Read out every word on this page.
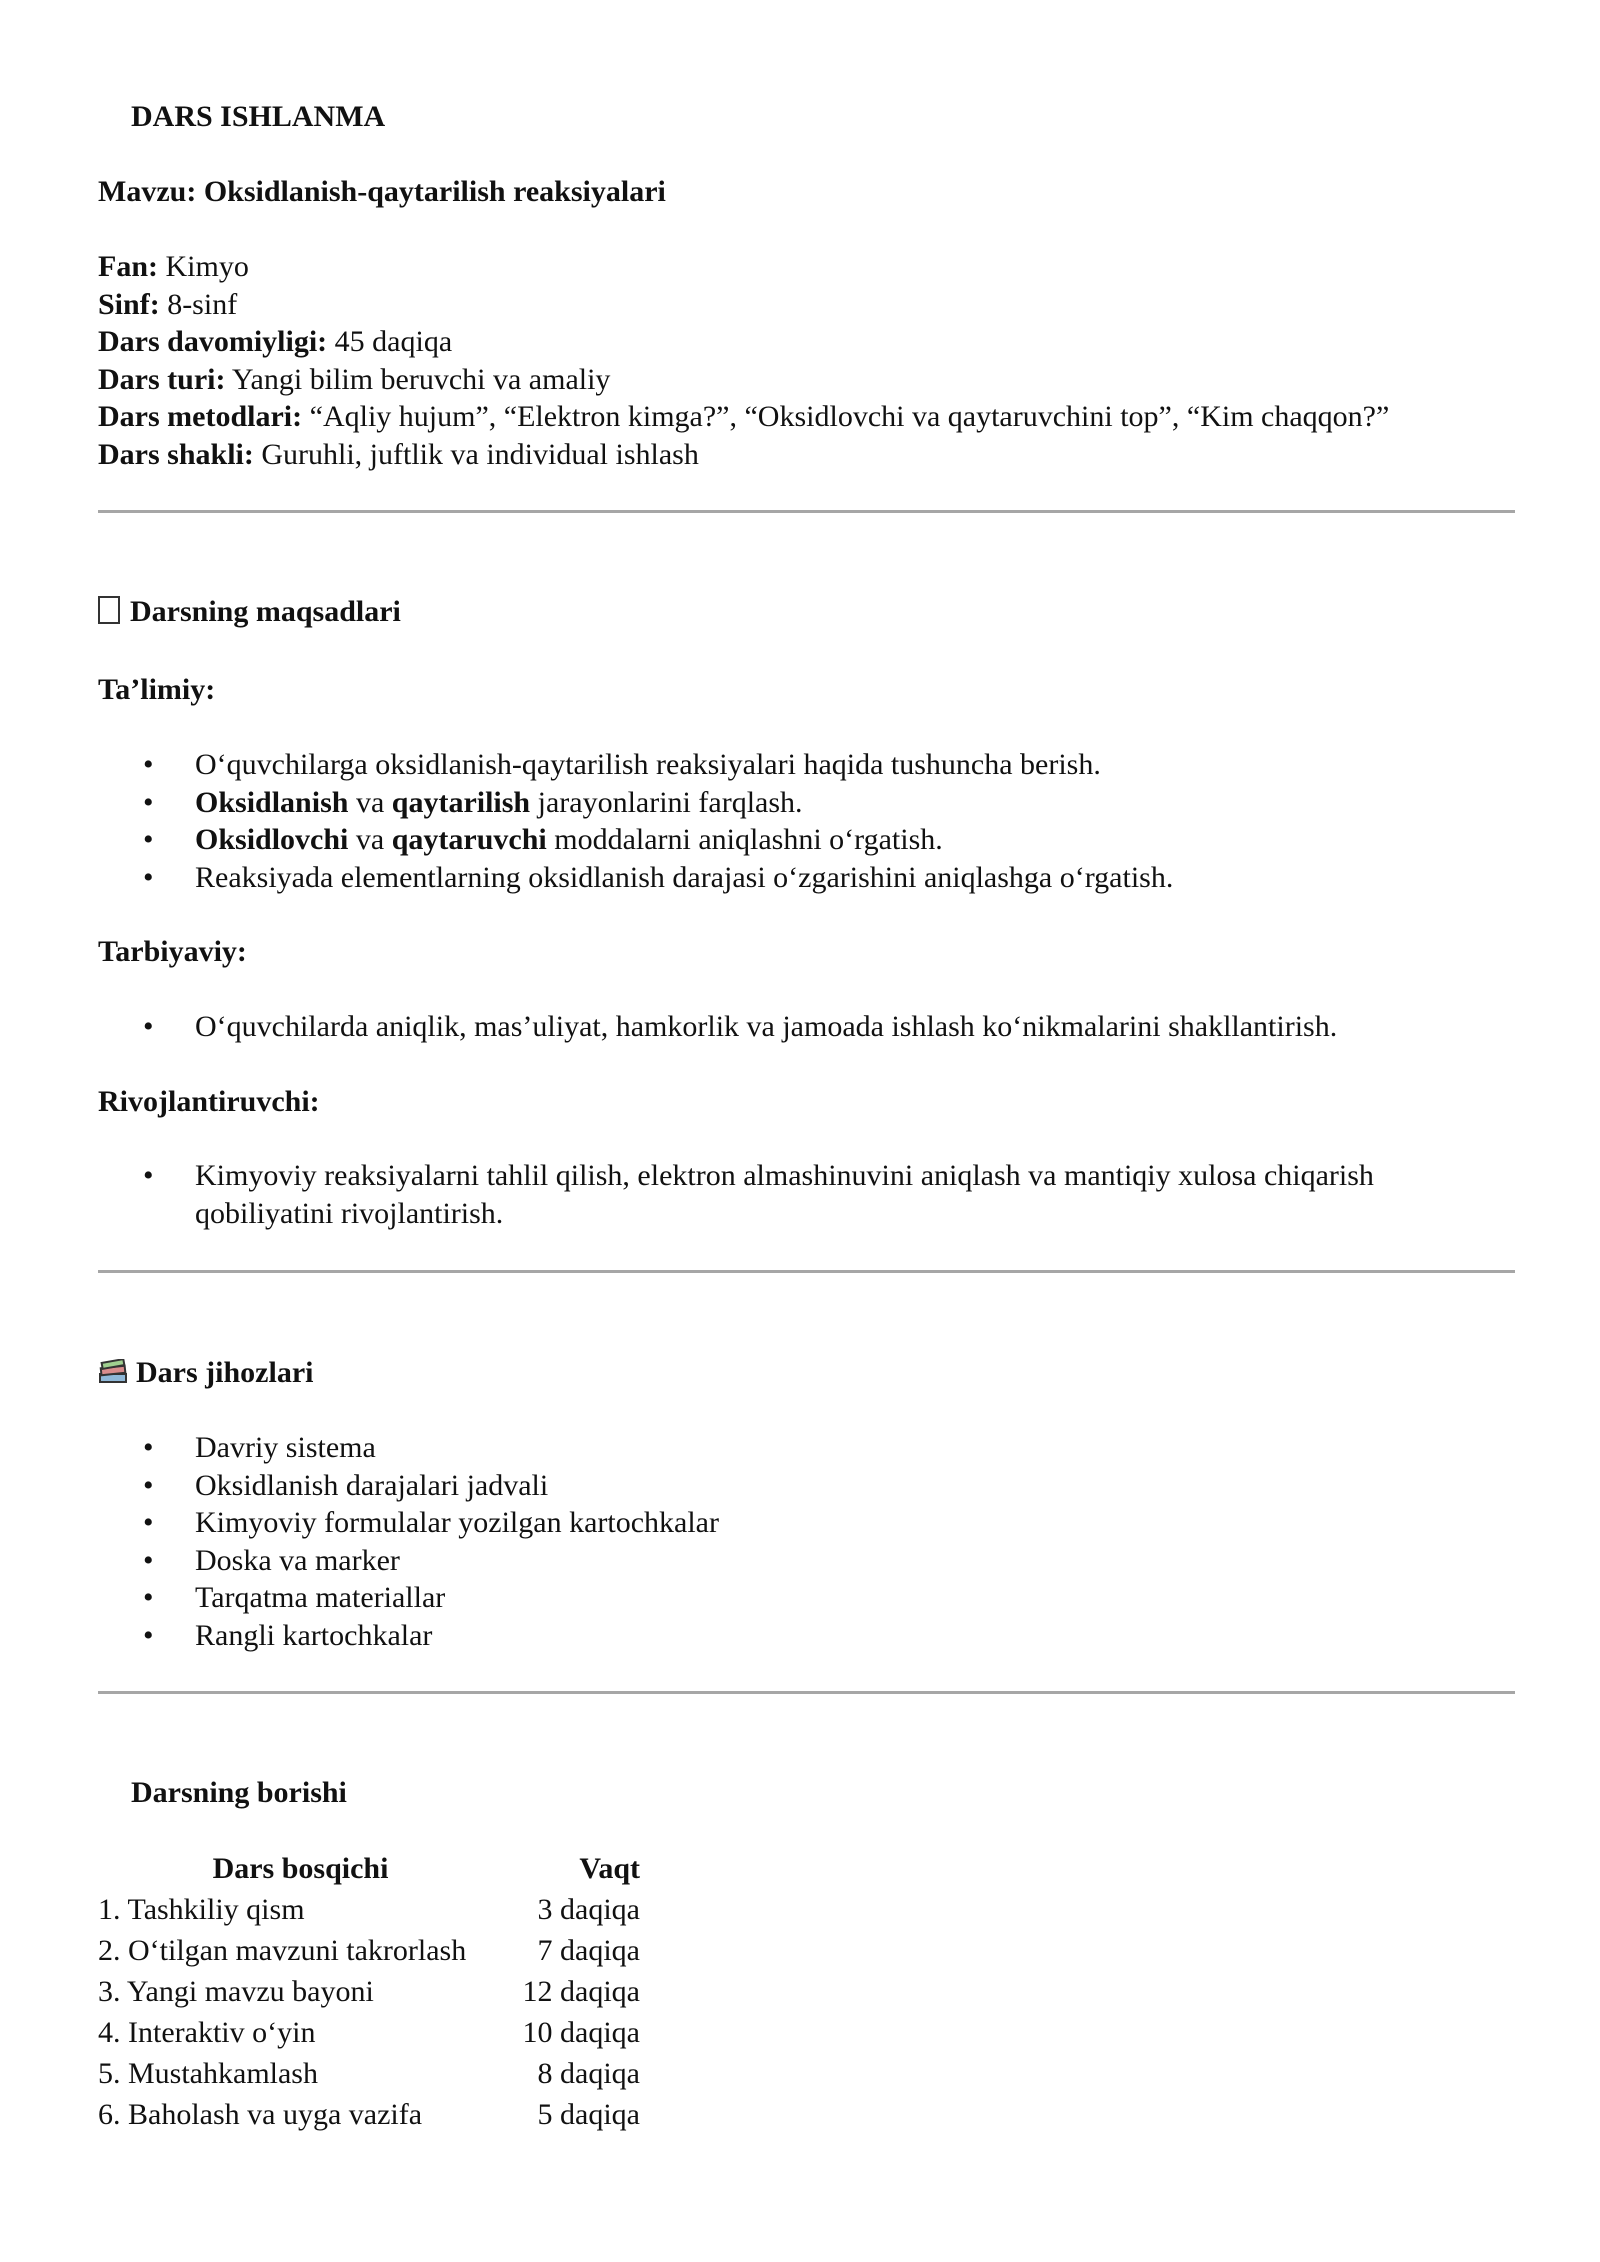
DARS ISHLANMA
Mavzu: Oksidlanish-qaytarilish reaksiyalari
Fan: Kimyo
Sinf: 8-sinf
Dars davomiyligi: 45 daqiqa
Dars turi: Yangi bilim beruvchi va amaliy
Dars metodlari: “Aqliy hujum”, “Elektron kimga?”, “Oksidlovchi va qaytaruvchini top”, “Kim chaqqon?”
Dars shakli: Guruhli, juftlik va individual ishlash
Darsning maqsadlari
Ta’limiy:
• O‘quvchilarga oksidlanish-qaytarilish reaksiyalari haqida tushuncha berish.
• Oksidlanish va qaytarilish jarayonlarini farqlash.
• Oksidlovchi va qaytaruvchi moddalarni aniqlashni o‘rgatish.
• Reaksiyada elementlarning oksidlanish darajasi o‘zgarishini aniqlashga o‘rgatish.
Tarbiyaviy:
• O‘quvchilarda aniqlik, mas’uliyat, hamkorlik va jamoada ishlash ko‘nikmalarini shakllantirish.
Rivojlantiruvchi:
• Kimyoviy reaksiyalarni tahlil qilish, elektron almashinuvini aniqlash va mantiqiy xulosa chiqarish qobiliyatini rivojlantirish.
Dars jihozlari
• Davriy sistema
• Oksidlanish darajalari jadvali
• Kimyoviy formulalar yozilgan kartochkalar
• Doska va marker
• Tarqatma materiallar
• Rangli kartochkalar
Darsning borishi
Dars bosqichi	Vaqt
1. Tashkiliy qism	3 daqiqa
2. O‘tilgan mavzuni takrorlash	7 daqiqa
3. Yangi mavzu bayoni	12 daqiqa
4. Interaktiv o‘yin	10 daqiqa
5. Mustahkamlash	8 daqiqa
6. Baholash va uyga vazifa	5 daqiqa
